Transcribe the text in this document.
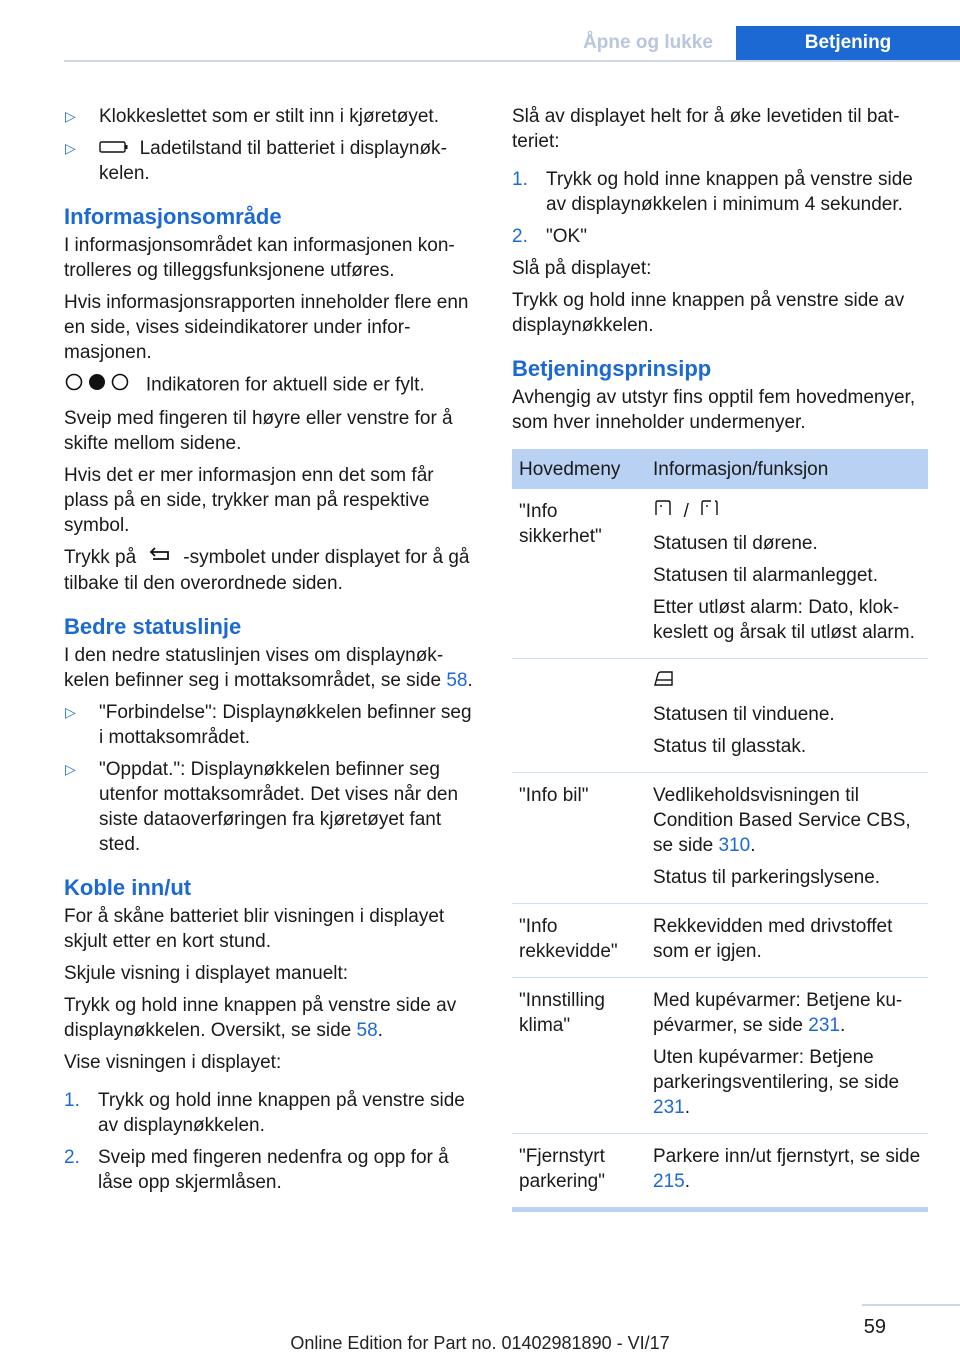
Åpne og lukke	Betjening
▷ Klokkeslettet som er stilt inn i kjøretøyet.
▷	Ladetilstand til batteriet i displaynøkkelen.
Informasjonsområde
I informasjonsområdet kan informasjonen kontrolleres og tilleggsfunksjonene utføres.
Hvis informasjonsrapporten inneholder flere enn en side, vises sideindikatorer under informasjonen.
Indikatoren for aktuell side er fylt.
Sveip med fingeren til høyre eller venstre for å skifte mellom sidene.
Hvis det er mer informasjon enn det som får plass på en side, trykker man på respektive symbol.
Trykk på -symbolet under displayet for å gå tilbake til den overordnede siden.
Bedre statuslinje
I den nedre statuslinjen vises om displaynøkkelen befinner seg i mottaksområdet, se side 58.
▷ "Forbindelse": Displaynøkkelen befinner seg i mottaksområdet.
▷ "Oppdat.": Displaynøkkelen befinner seg utenfor mottaksområdet. Det vises når den siste dataoverføringen fra kjøretøyet fant sted.
Koble inn/ut
For å skåne batteriet blir visningen i displayet skjult etter en kort stund.
Skjule visning i displayet manuelt:
Trykk og hold inne knappen på venstre side av displaynøkkelen. Oversikt, se side 58.
Vise visningen i displayet:
1. Trykk og hold inne knappen på venstre side av displaynøkkelen.
2. Sveip med fingeren nedenfra og opp for å låse opp skjermlåsen.
Slå av displayet helt for å øke levetiden til batteriet:
1. Trykk og hold inne knappen på venstre side av displaynøkkelen i minimum 4 sekunder.
2. "OK"
Slå på displayet:
Trykk og hold inne knappen på venstre side av displaynøkkelen.
Betjeningsprinsipp
Avhengig av utstyr fins opptil fem hovedmenyer, som hver inneholder undermenyer.
Hovedmeny	Informasjon/funksjon
"Info sikkerhet"	/

Statusen til dørene.

Statusen til alarmanlegget.

Etter utløst alarm: Dato, klokkeslett og årsak til utløst alarm.

	Statusen til vinduene.

Status til glasstak.

"Info bil"	Vedlikeholdsvisningen til Condition Based Service CBS, se side 310.

Status til parkeringslysene.

"Info rekkevidde"	Rekkevidden med drivstoffet som er igjen.

"Innstilling klima"	Med kupévarmer: Betjene kupévarmer, se side 231.

Uten kupévarmer: Betjene parkeringsventilering, se side 231.

"Fjernstyrt parkering"	Parkere inn/ut fjernstyrt, se side 215.

59
Online Edition for Part no. 01402981890 - VI/17
